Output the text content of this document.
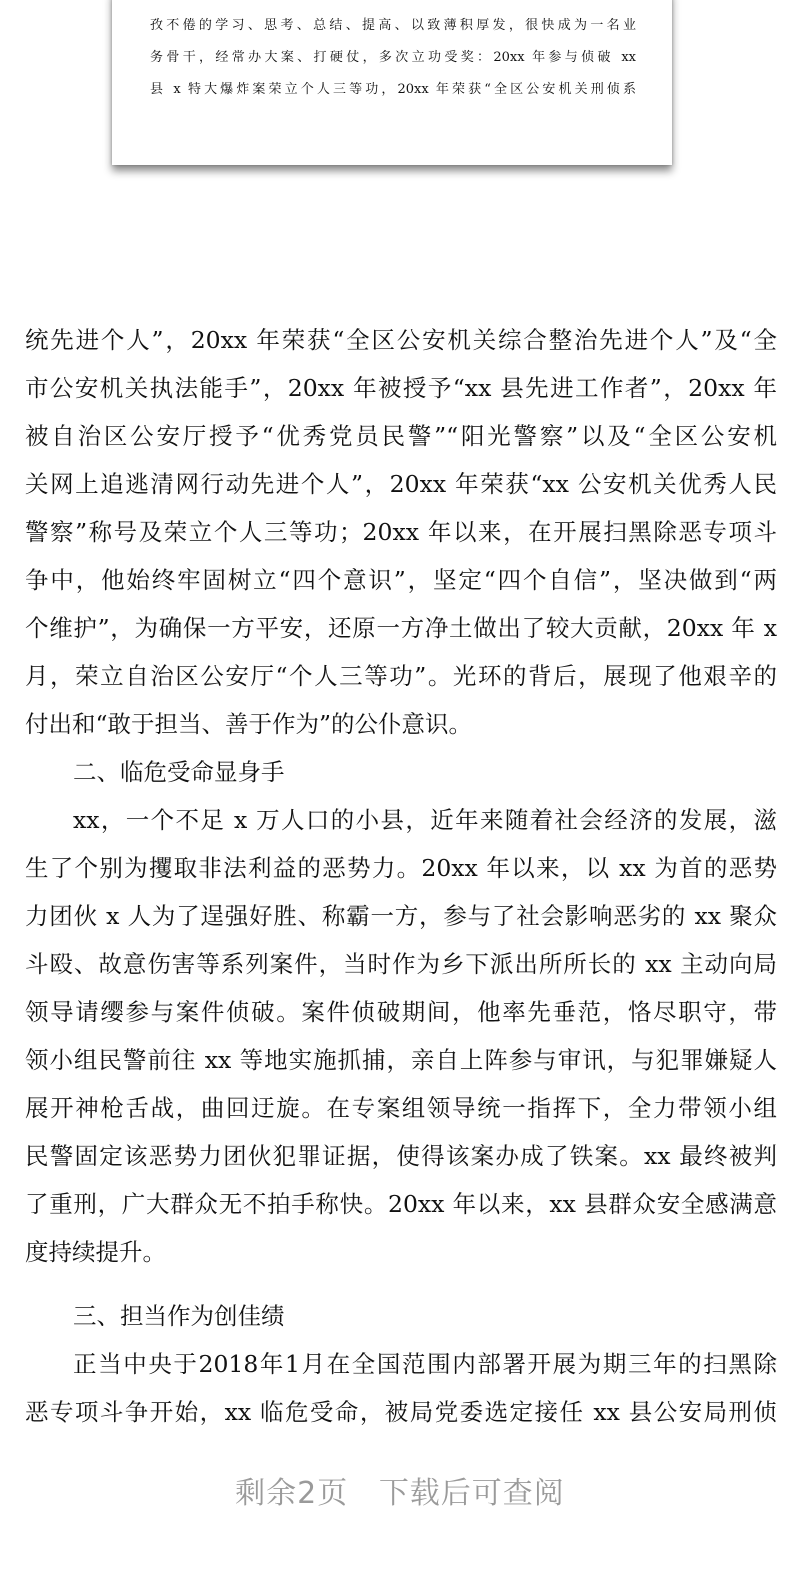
孜不倦的学习、思考、总结、提高、以致薄积厚发，很快成为一名业
务骨干，经常办大案、打硬仗，多次立功受奖：20xx 年参与侦破 xx
县 x 特大爆炸案荣立个人三等功，20xx 年荣获“全区公安机关刑侦系
统先进个人”，20xx 年荣获“全区公安机关综合整治先进个人”及“全
市公安机关执法能手”，20xx 年被授予“xx 县先进工作者”，20xx 年
被自治区公安厅授予“优秀党员民警”“阳光警察”以及“全区公安机
关网上追逃清网行动先进个人”，20xx 年荣获“xx 公安机关优秀人民
警察”称号及荣立个人三等功；20xx 年以来，在开展扫黑除恶专项斗
争中，他始终牢固树立“四个意识”，坚定“四个自信”，坚决做到“两
个维护”，为确保一方平安，还原一方净土做出了较大贡献，20xx 年 x
月，荣立自治区公安厅“个人三等功”。光环的背后，展现了他艰辛的
付出和“敢于担当、善于作为”的公仆意识。
二、临危受命显身手
xx，一个不足 x 万人口的小县，近年来随着社会经济的发展，滋
生了个别为攫取非法利益的恶势力。20xx 年以来，以 xx 为首的恶势
力团伙 x 人为了逞强好胜、称霸一方，参与了社会影响恶劣的 xx 聚众
斗殴、故意伤害等系列案件，当时作为乡下派出所所长的 xx 主动向局
领导请缨参与案件侦破。案件侦破期间，他率先垂范，恪尽职守，带
领小组民警前往 xx 等地实施抓捕，亲自上阵参与审讯，与犯罪嫌疑人
展开神枪舌战，曲回迂旋。在专案组领导统一指挥下，全力带领小组
民警固定该恶势力团伙犯罪证据，使得该案办成了铁案。xx 最终被判
了重刑，广大群众无不拍手称快。20xx 年以来，xx 县群众安全感满意
度持续提升。
三、担当作为创佳绩
正当中央于2018年1月在全国范围内部署开展为期三年的扫黑除
恶专项斗争开始，xx 临危受命，被局党委选定接任 xx 县公安局刑侦
剩余2页 下载后可查阅
